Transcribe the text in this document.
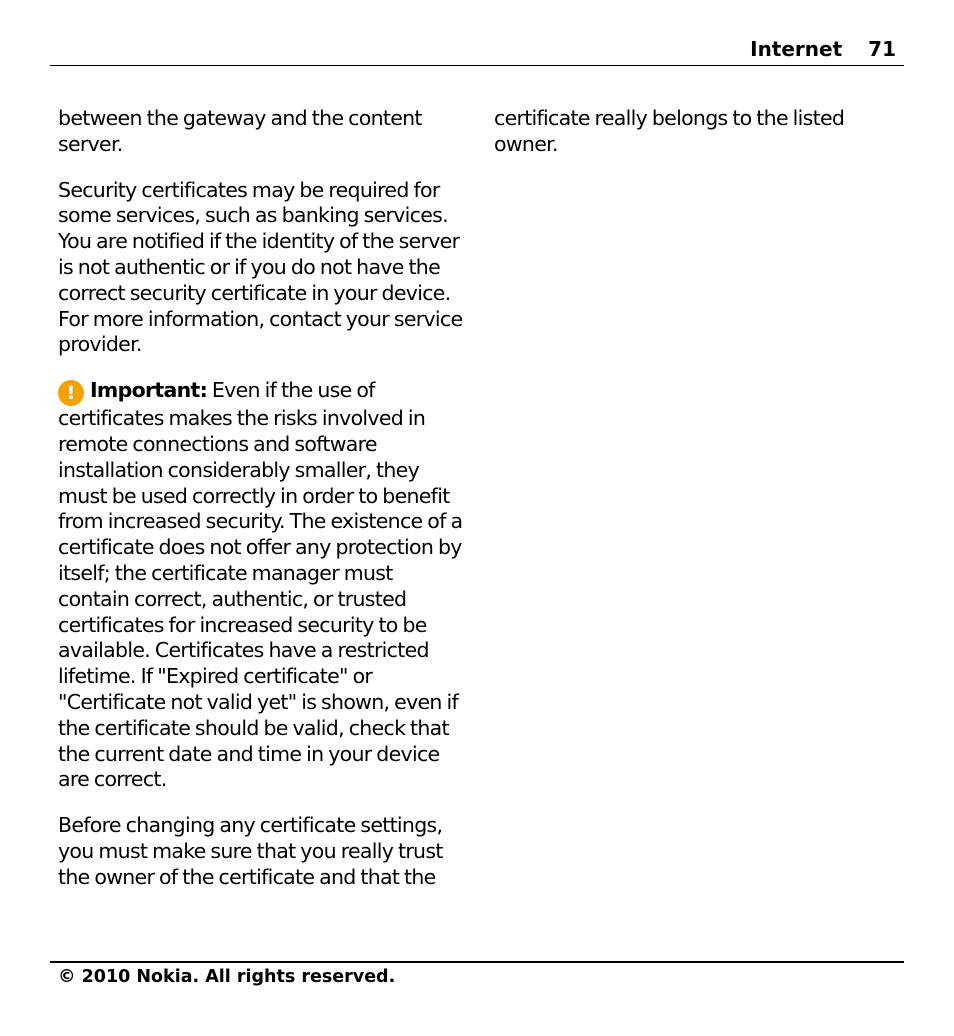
Internet 71

between the gateway and the content server.

Security certificates may be required for some services, such as banking services. You are notified if the identity of the server is not authentic or if you do not have the correct security certificate in your device. For more information, contact your service provider.

! Important: Even if the use of certificates makes the risks involved in remote connections and software installation considerably smaller, they must be used correctly in order to benefit from increased security. The existence of a certificate does not offer any protection by itself; the certificate manager must contain correct, authentic, or trusted certificates for increased security to be available. Certificates have a restricted lifetime. If "Expired certificate" or "Certificate not valid yet" is shown, even if the certificate should be valid, check that the current date and time in your device are correct.

Before changing any certificate settings, you must make sure that you really trust the owner of the certificate and that the

certificate really belongs to the listed owner.

© 2010 Nokia. All rights reserved.
